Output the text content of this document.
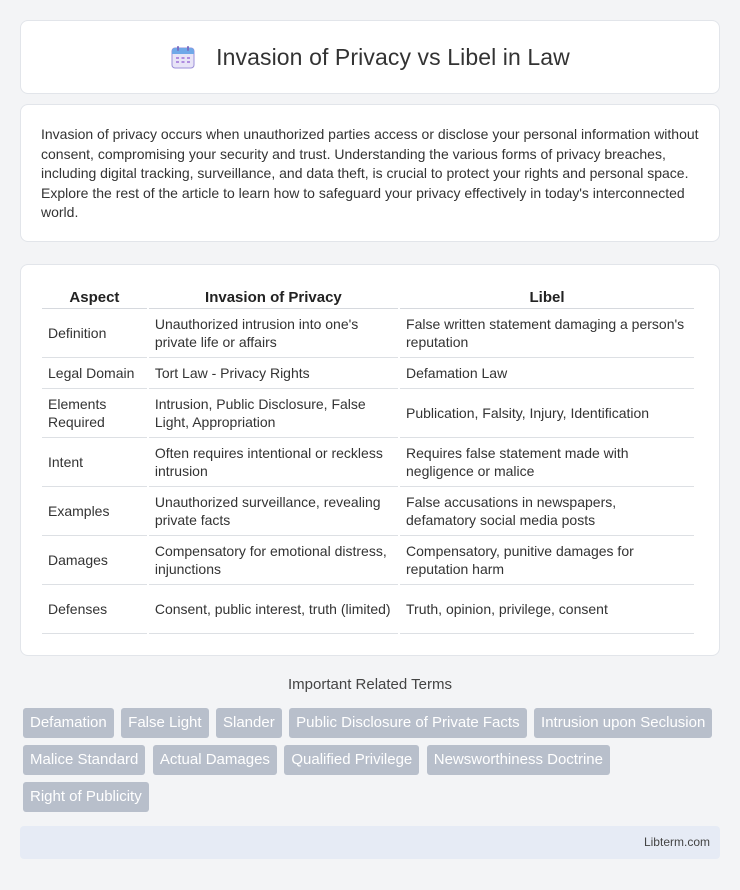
Invasion of Privacy vs Libel in Law

Invasion of privacy occurs when unauthorized parties access or disclose your personal information without consent, compromising your security and trust. Understanding the various forms of privacy breaches, including digital tracking, surveillance, and data theft, is crucial to protect your rights and personal space. Explore the rest of the article to learn how to safeguard your privacy effectively in today's interconnected world.

Aspect	Invasion of Privacy	Libel
Definition	Unauthorized intrusion into one's private life or affairs	False written statement damaging a person's reputation
Legal Domain	Tort Law - Privacy Rights	Defamation Law
Elements Required	Intrusion, Public Disclosure, False Light, Appropriation	Publication, Falsity, Injury, Identification
Intent	Often requires intentional or reckless intrusion	Requires false statement made with negligence or malice
Examples	Unauthorized surveillance, revealing private facts	False accusations in newspapers, defamatory social media posts
Damages	Compensatory for emotional distress, injunctions	Compensatory, punitive damages for reputation harm
Defenses	Consent, public interest, truth (limited)	Truth, opinion, privilege, consent
Important Related Terms
Defamation False Light Slander Public Disclosure of Private Facts Intrusion upon Seclusion Malice Standard Actual Damages Qualified Privilege Newsworthiness Doctrine Right of Publicity
Libterm.com
